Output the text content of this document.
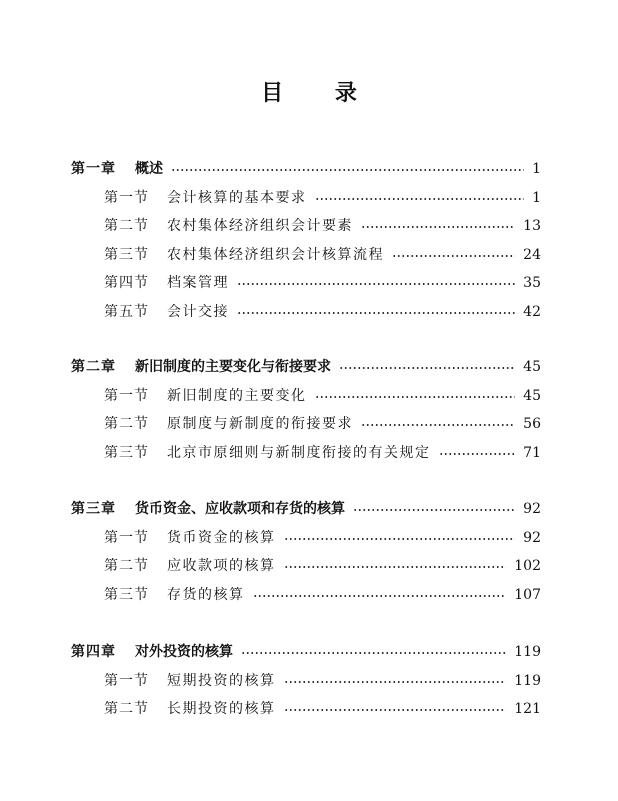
目 录
第一章 概述	1
第一节 会计核算的基本要求	1
第二节 农村集体经济组织会计要素	13
第三节 农村集体经济组织会计核算流程	24
第四节 档案管理	35
第五节 会计交接	42
第二章 新旧制度的主要变化与衔接要求	45
第一节 新旧制度的主要变化	45
第二节 原制度与新制度的衔接要求	56
第三节 北京市原细则与新制度衔接的有关规定	71
第三章 货币资金、应收款项和存货的核算	92
第一节 货币资金的核算	92
第二节 应收款项的核算	102
第三节 存货的核算	107
第四章 对外投资的核算	119
第一节 短期投资的核算	119
第二节 长期投资的核算	121
